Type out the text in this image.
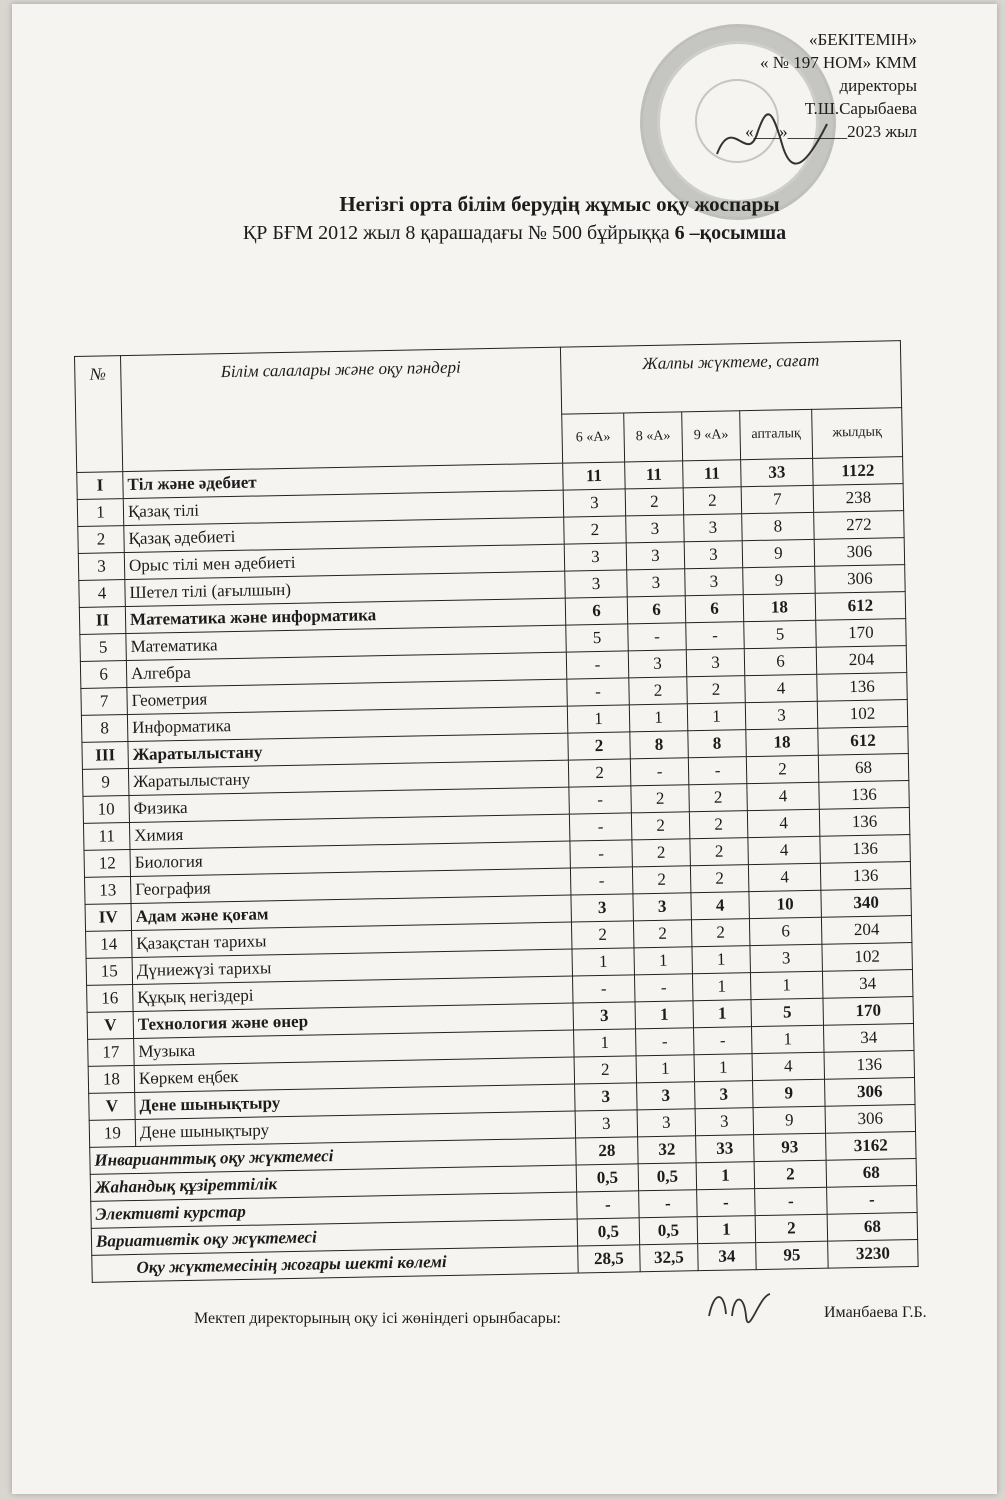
«БЕКІТЕМІН»
« № 197 НОМ» КММ
директоры
Т.Ш.Сарыбаева
«___»_______2023 жыл
Негізгі орта білім берудің жұмыс оқу жоспары
ҚР БҒМ 2012 жыл 8 қарашадағы № 500 бұйрыққа 6 –қосымша
№	Білім салалары және оқу пәндері	Жалпы жүктеме, сағат				
		6 «А»	8 «А»	9 «А»	апталық	жылдық
I	Тіл және әдебиет	11	11	11	33	1122
1	Қазақ тілі	3	2	2	7	238
2	Қазақ әдебиеті	2	3	3	8	272
3	Орыс тілі мен әдебиеті	3	3	3	9	306
4	Шетел тілі (ағылшын)	3	3	3	9	306
II	Математика және информатика	6	6	6	18	612
5	Математика	5	-	-	5	170
6	Алгебра	-	3	3	6	204
7	Геометрия	-	2	2	4	136
8	Информатика	1	1	1	3	102
III	Жаратылыстану	2	8	8	18	612
9	Жаратылыстану	2	-	-	2	68
10	Физика	-	2	2	4	136
11	Химия	-	2	2	4	136
12	Биология	-	2	2	4	136
13	География	-	2	2	4	136
IV	Адам және қоғам	3	3	4	10	340
14	Қазақстан тарихы	2	2	2	6	204
15	Дүниежүзі тарихы	1	1	1	3	102
16	Құқық негіздері	-	-	1	1	34
V	Технология және өнер	3	1	1	5	170
17	Музыка	1	-	-	1	34
18	Көркем еңбек	2	1	1	4	136
V	Дене шынықтыру	3	3	3	9	306
19	Дене шынықтыру	3	3	3	9	306
Инварианттық оқу жүктемесі		28	32	33	93	3162
Жаһандық құзіреттілік		0,5	0,5	1	2	68
Элективті курстар		-	-	-	-	-
Вариативтік оқу жүктемесі		0,5	0,5	1	2	68
Оқу жүктемесінің жоғары шекті көлемі		28,5	32,5	34	95	3230
Мектеп директорының оқу ісі жөніндегі орынбасары:	Иманбаева Г.Б.
